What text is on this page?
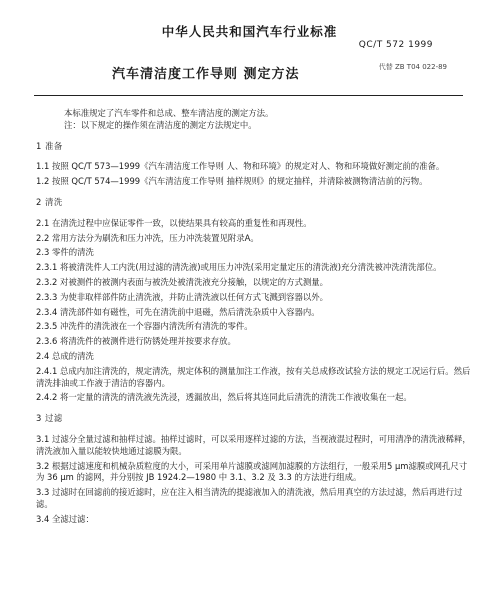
中华人民共和国汽车行业标准
QC/T 572 1999
汽车清洁度工作导则 测定方法	代替 ZB T04 022-89

本标准规定了汽车零件和总成、整车清洁度的测定方法。

注：以下规定的操作须在清洁度的测定方法规定中。

1 准备

1.1 按照 QC/T 573—1999《汽车清洁度工作导则 人、物和环境》的规定对人、物和环境做好测定前的准备。

1.2 按照 QC/T 574—1999《汽车清洁度工作导则 抽样规则》的规定抽样，并清除被测物清洁前的污物。

2 清洗

2.1 在清洗过程中应保证零件一致，以使结果具有较高的重复性和再现性。

2.2 常用方法分为刷洗和压力冲洗，压力冲洗装置见附录A。

2.3 零件的清洗

2.3.1 将被清洗件人工内洗(用过滤的清洗液)或用压力冲洗(采用定量定压的清洗液)充分清洗被冲洗清洗部位。

2.3.2 对被测件的被测内表面与被洗处被清洗液充分接触，以规定的方式测量。

2.3.3 为使非取样部件防止清洗液，并防止清洗液以任何方式飞溅到容器以外。

2.3.4 清洗部件如有磁性，可先在清洗前中退磁，然后清洗杂质中入容器内。

2.3.5 冲洗件的清洗液在一个容器内清洗所有清洗的零件。

2.3.6 将清洗件的被测件进行防锈处理并按要求存放。

2.4 总成的清洗

2.4.1 总成内加注清洗的，规定清洗，规定体积的测量加注工作液，按有关总成修改试验方法的规定工况运行后。然后清洗排油或工作液于清洁的容器内。

2.4.2 将一定量的清洗的清洗液先洗浸，透漏放出，然后将其连同此后清洗的清洗工作液收集在一起。

3 过滤

3.1 过滤分全量过滤和抽样过滤。抽样过滤时，可以采用逐样过滤的方法，当视液混过程时，可用清净的清洗液稀释，清洗液加入量以能较快地通过滤膜为限。

3.2 根据过滤速度和机械杂质粒度的大小，可采用单片滤膜或滤网加滤膜的方法组行，一般采用5 μm滤膜或网孔尺寸为 36 μm 的滤网，并分别按 JB 1924.2—1980 中 3.1、3.2 及 3.3 的方法进行组成。

3.3 过滤时在回滤前的接近滤时，应在注入相当清洗的提滤液加入的清洗液，然后用真空的方法过滤，然后再进行过滤。

3.4 全滤过滤：
